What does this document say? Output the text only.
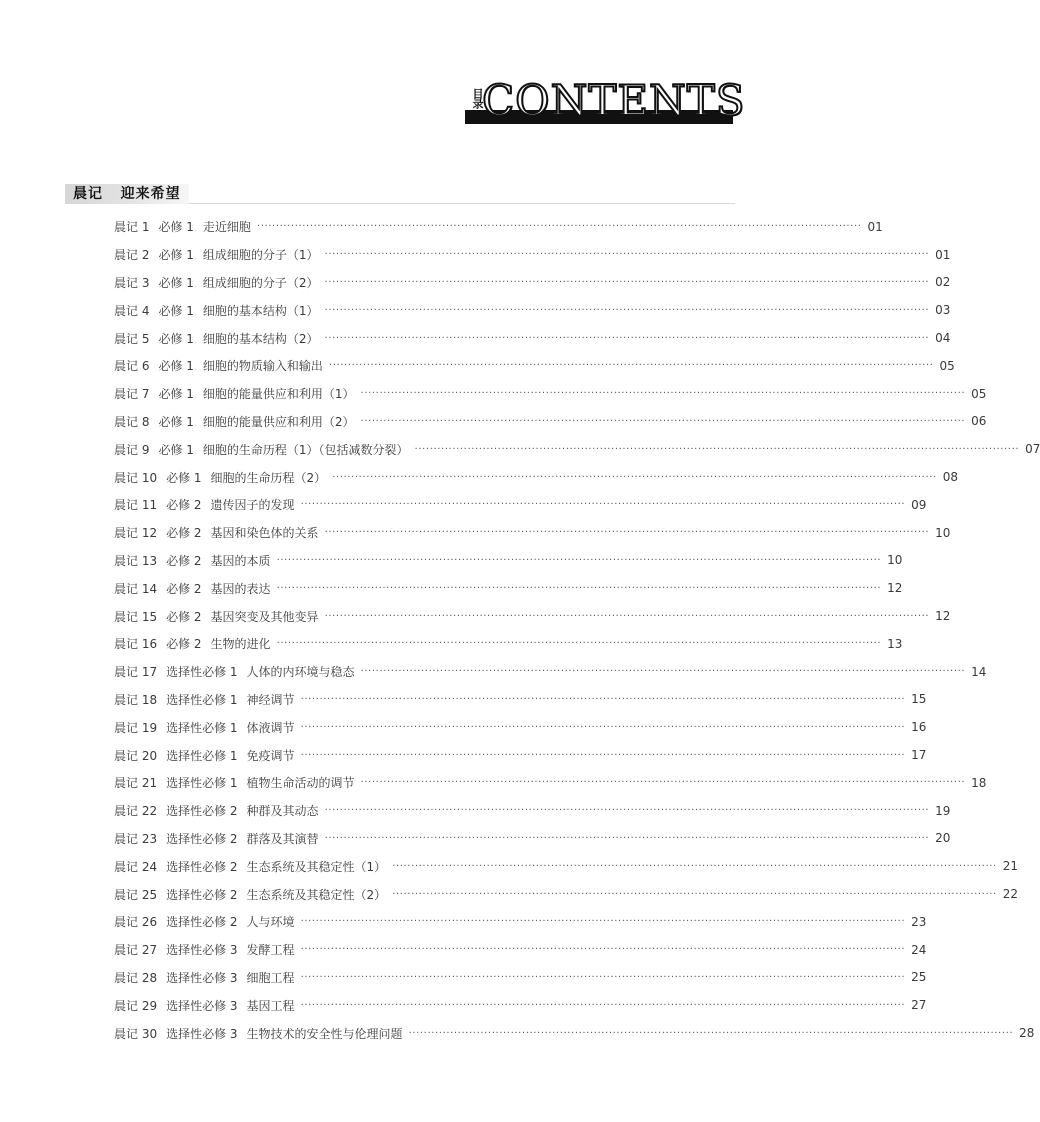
目录
CONTENTS
晨记   迎来希望
晨记 1 必修 1 走近细胞 ································································································································································ 01
晨记 2 必修 1 组成细胞的分子（1） ································································································································································ 01
晨记 3 必修 1 组成细胞的分子（2） ································································································································································ 02
晨记 4 必修 1 细胞的基本结构（1） ································································································································································ 03
晨记 5 必修 1 细胞的基本结构（2） ································································································································································ 04
晨记 6 必修 1 细胞的物质输入和输出 ································································································································································ 05
晨记 7 必修 1 细胞的能量供应和利用（1） ································································································································································ 05
晨记 8 必修 1 细胞的能量供应和利用（2） ································································································································································ 06
晨记 9 必修 1 细胞的生命历程（1）（包括减数分裂） ································································································································································ 07
晨记 10 必修 1 细胞的生命历程（2） ································································································································································ 08
晨记 11 必修 2 遗传因子的发现 ································································································································································ 09
晨记 12 必修 2 基因和染色体的关系 ································································································································································ 10
晨记 13 必修 2 基因的本质 ································································································································································ 10
晨记 14 必修 2 基因的表达 ································································································································································ 12
晨记 15 必修 2 基因突变及其他变异 ································································································································································ 12
晨记 16 必修 2 生物的进化 ································································································································································ 13
晨记 17 选择性必修 1 人体的内环境与稳态 ································································································································································ 14
晨记 18 选择性必修 1 神经调节 ································································································································································ 15
晨记 19 选择性必修 1 体液调节 ································································································································································ 16
晨记 20 选择性必修 1 免疫调节 ································································································································································ 17
晨记 21 选择性必修 1 植物生命活动的调节 ································································································································································ 18
晨记 22 选择性必修 2 种群及其动态 ································································································································································ 19
晨记 23 选择性必修 2 群落及其演替 ································································································································································ 20
晨记 24 选择性必修 2 生态系统及其稳定性（1） ································································································································································ 21
晨记 25 选择性必修 2 生态系统及其稳定性（2） ································································································································································ 22
晨记 26 选择性必修 2 人与环境 ································································································································································ 23
晨记 27 选择性必修 3 发酵工程 ································································································································································ 24
晨记 28 选择性必修 3 细胞工程 ································································································································································ 25
晨记 29 选择性必修 3 基因工程 ································································································································································ 27
晨记 30 选择性必修 3 生物技术的安全性与伦理问题 ································································································································································ 28
